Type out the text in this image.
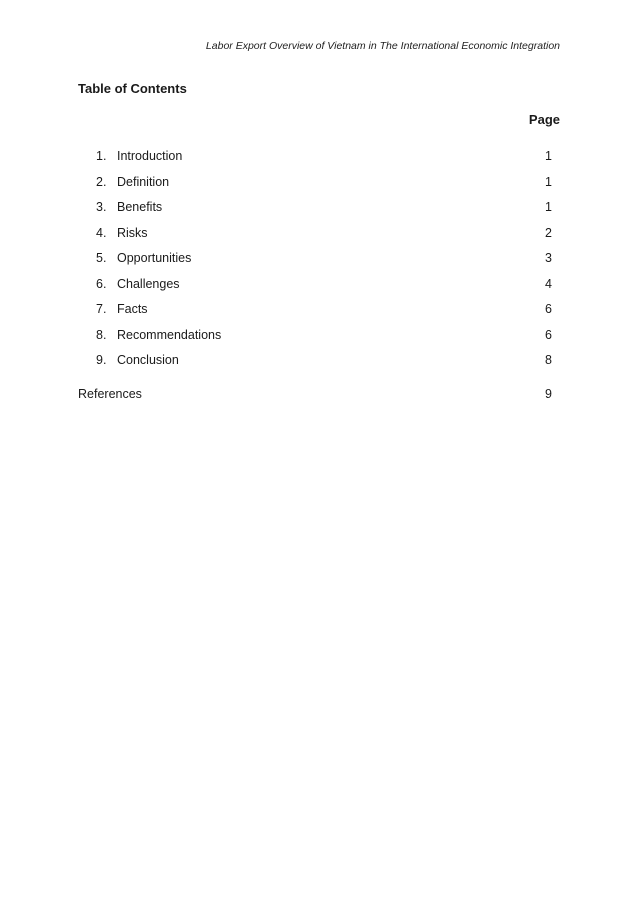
Labor Export Overview of Vietnam in The International Economic Integration
Table of Contents
Page
1. Introduction	1
2. Definition	1
3. Benefits	1
4. Risks	2
5. Opportunities	3
6. Challenges	4
7. Facts	6
8. Recommendations	6
9. Conclusion	8
References	9
